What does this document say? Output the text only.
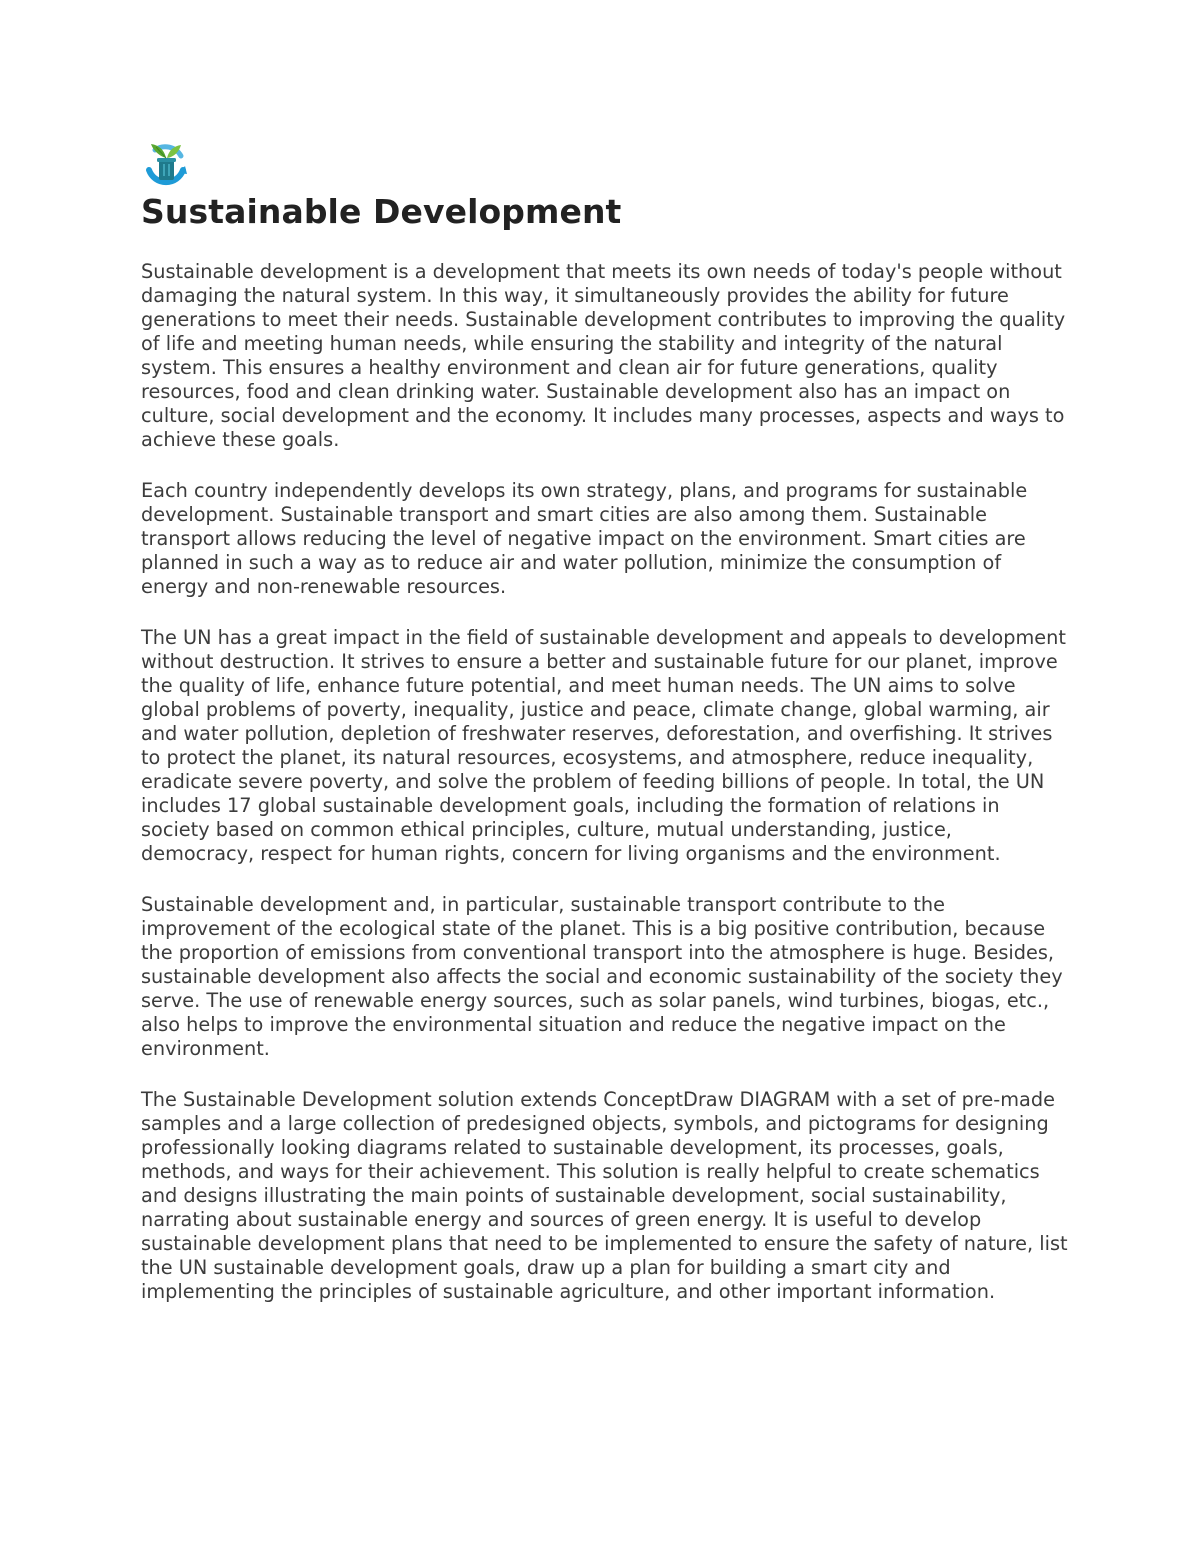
Sustainable Development

Sustainable development is a development that meets its own needs of today's people without damaging the natural system. In this way, it simultaneously provides the ability for future generations to meet their needs. Sustainable development contributes to improving the quality of life and meeting human needs, while ensuring the stability and integrity of the natural system. This ensures a healthy environment and clean air for future generations, quality resources, food and clean drinking water. Sustainable development also has an impact on culture, social development and the economy. It includes many processes, aspects and ways to achieve these goals.

Each country independently develops its own strategy, plans, and programs for sustainable development. Sustainable transport and smart cities are also among them. Sustainable transport allows reducing the level of negative impact on the environment. Smart cities are planned in such a way as to reduce air and water pollution, minimize the consumption of energy and non-renewable resources.

The UN has a great impact in the field of sustainable development and appeals to development without destruction. It strives to ensure a better and sustainable future for our planet, improve the quality of life, enhance future potential, and meet human needs. The UN aims to solve global problems of poverty, inequality, justice and peace, climate change, global warming, air and water pollution, depletion of freshwater reserves, deforestation, and overfishing. It strives to protect the planet, its natural resources, ecosystems, and atmosphere, reduce inequality, eradicate severe poverty, and solve the problem of feeding billions of people. In total, the UN includes 17 global sustainable development goals, including the formation of relations in society based on common ethical principles, culture, mutual understanding, justice, democracy, respect for human rights, concern for living organisms and the environment.

Sustainable development and, in particular, sustainable transport contribute to the improvement of the ecological state of the planet. This is a big positive contribution, because the proportion of emissions from conventional transport into the atmosphere is huge. Besides, sustainable development also affects the social and economic sustainability of the society they serve. The use of renewable energy sources, such as solar panels, wind turbines, biogas, etc., also helps to improve the environmental situation and reduce the negative impact on the environment.

The Sustainable Development solution extends ConceptDraw DIAGRAM with a set of pre-made samples and a large collection of predesigned objects, symbols, and pictograms for designing professionally looking diagrams related to sustainable development, its processes, goals, methods, and ways for their achievement. This solution is really helpful to create schematics and designs illustrating the main points of sustainable development, social sustainability, narrating about sustainable energy and sources of green energy. It is useful to develop sustainable development plans that need to be implemented to ensure the safety of nature, list the UN sustainable development goals, draw up a plan for building a smart city and implementing the principles of sustainable agriculture, and other important information.
